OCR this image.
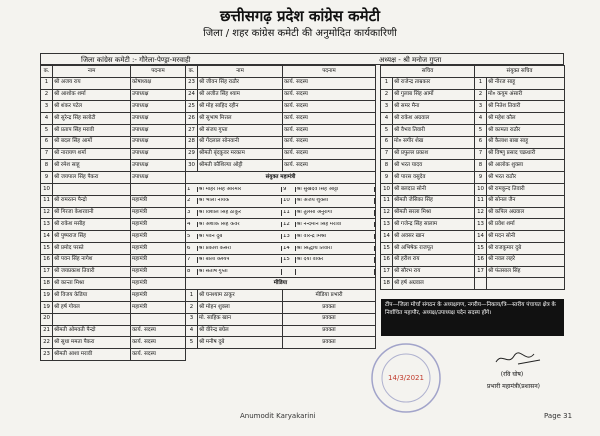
छत्तीसगढ़ प्रदेश कांग्रेस कमेटी
जिला / शहर कांग्रेस कमेटी की अनुमोदित कार्यकारिणी
जिला कांग्रेस कमेटी :- गौरेला-पेण्ड्रा-मरवाही	अध्यक्ष - श्री मनोज गुप्ता
क.	नाम	पदनाम
1	श्री अजय राय	कोषाध्यक्ष
2	श्री आशोक शर्मा	उपाध्यक्ष
3	श्री शंकर पटेल	उपाध्यक्ष
4	श्री सुरेन्द्र सिंह सलोटी	उपाध्यक्ष
5	श्री प्रताप सिंह मरावी	उपाध्यक्ष
6	श्री बदल सिंह आर्मो	उपाध्यक्ष
7	श्री नारायण शर्मा	उपाध्यक्ष
8	श्री रमेश साहू	उपाध्यक्ष
9	श्री जयपाल सिंह पैकरा	उपाध्यक्ष
10		
11	श्री रामरतन पैन्द्रो	महामंत्री
12	श्री गिरजा केशरवानी	महामंत्री
13	श्री राकेश मसीह	महामंत्री
14	श्री पुष्पराज सिंह	महामंत्री
15	श्री प्रमोद परस्ते	महामंत्री
16	श्री पवन सिंह नागेश	महामंत्री
17	श्री जयप्रकाश तिवारी	महामंत्री
18	श्री कान्ता मिश्रा	महामंत्री
19	श्री विजय केडिया	महामंत्री
19	श्री हर्ष गोयल	महामंत्री
20		
21	श्रीमती ओमवती पैन्द्रो	कार्य. सदस्य
22	श्री सुधा ममता पैकरा	कार्य. सदस्य
23	श्रीमती आशा मरावी	कार्य. सदस्य
क.	नाम	पदनाम
23	श्री जीवन सिंह राठौर	कार्य. सदस्य
24	श्री अजीत सिंह श्याम	कार्य. सदस्य
25	श्री मोह साहिद रहीन	कार्य. सदस्य
26	श्री सुभाष मित्तल	कार्य. सदस्य
27	श्री संजय गुप्ता	कार्य. सदस्य
28	श्री गेंदलाल सोनवानी	कार्य. सदस्य
29	श्रीमती बृंदकुवर मरकाम	कार्य. सदस्य
30	श्रीमती कौशिल्या ओट्टी	कार्य. सदस्य
संयुक्त महामंत्री		

1 श्री मोहर सिंह आरमोर 9 श्री सुखदेव सिंह ओट्टी		

2 श्री भोला नायक 10 श्री अजय शुक्ला		

3 श्री विशाल सिंह ठाकुर 11 श्री तुलसी अनुरागी		

4 श्री अशोक सिंह कंवर 12 श्री नन्दमान सिंह मरावी		

5 श्री पवन दुबे 13 श्री वीरेन्द्र मिश्रा		

6 श्री प्रकाश केसरी 14 श्री सिद्धार्थ तिवारी		

7 श्री बाला कश्यप 15 श्री दया वाकरे		

8 श्री संतोष गुप्ता		

मीडिया		
1	श्री घनश्याम ठाकुर	मीडिया प्रभारी
2	श्री मोहन शुक्ला	प्रवक्ता
3	मो. साहिक खान	प्रवक्ता
4	श्री वीरेन्द्र बघेल	प्रवक्ता
5	श्री मनीष दुबे	प्रवक्ता
सचिव		संयुक्त सचिव	
1	श्री राजेन्द्र ताम्रकार	1	श्री नीरज साहू
2	श्री गुलाब सिंह आर्मो	2	मो० कयूम अंसारी
3	श्री समर मैना	3	श्री नितेश तिवारी
4	श्री राकेश अग्रवाल	4	श्री महेश कौल
5	श्री वैभव तिवारी	5	श्री कामता राठौर
6	मो० सगीर शेख	6	श्री कैलाश बाबा साहू
7	श्री प्रफुल्ल प्रकाश	7	श्री विष्णु प्रसाद चक्रधारी
8	श्री भरत यादव	8	श्री आलोक शुक्ला
9	श्री पारस वसुदेव	9	श्री भरत राठौर
10	श्री बलदाउ सोनी	10	श्री रामकुन्द तिवारी
11	श्रीमती जेसिका सिंह	11	श्री सोनल जैन
12	श्रीमती सरला मिश्रा	12	श्री कपिल अग्रवाल
13	श्री गजेन्द्र सिंह सालाम	13	श्री प्रवेश शर्मा
14	श्री अवसर खान	14	श्री मदन सोनी
15	श्री अभिषेक राजपूत	15	श्री राजकुमार दुबे
16	श्री हरीश राय	16	श्री नवल लहरे
17	श्री सौरभ राय	17	श्री फंतसाल सिंह
18	श्री हर्ष अग्रवाल		
टीप—जिला मोर्चा संगठन के अध्यक्षगण, नगरीय—निकाय/त्रि—स्तरीय पंचायत क्षेत्र के निर्वाचित महापौर, अध्यक्ष/उपाध्यक्ष पदेन सदस्य होंगे।
14/3/2021	(रवि घोष)
प्रभारी महामंत्री(प्रशासन)
Anumodit Karyakarini	Page 31
